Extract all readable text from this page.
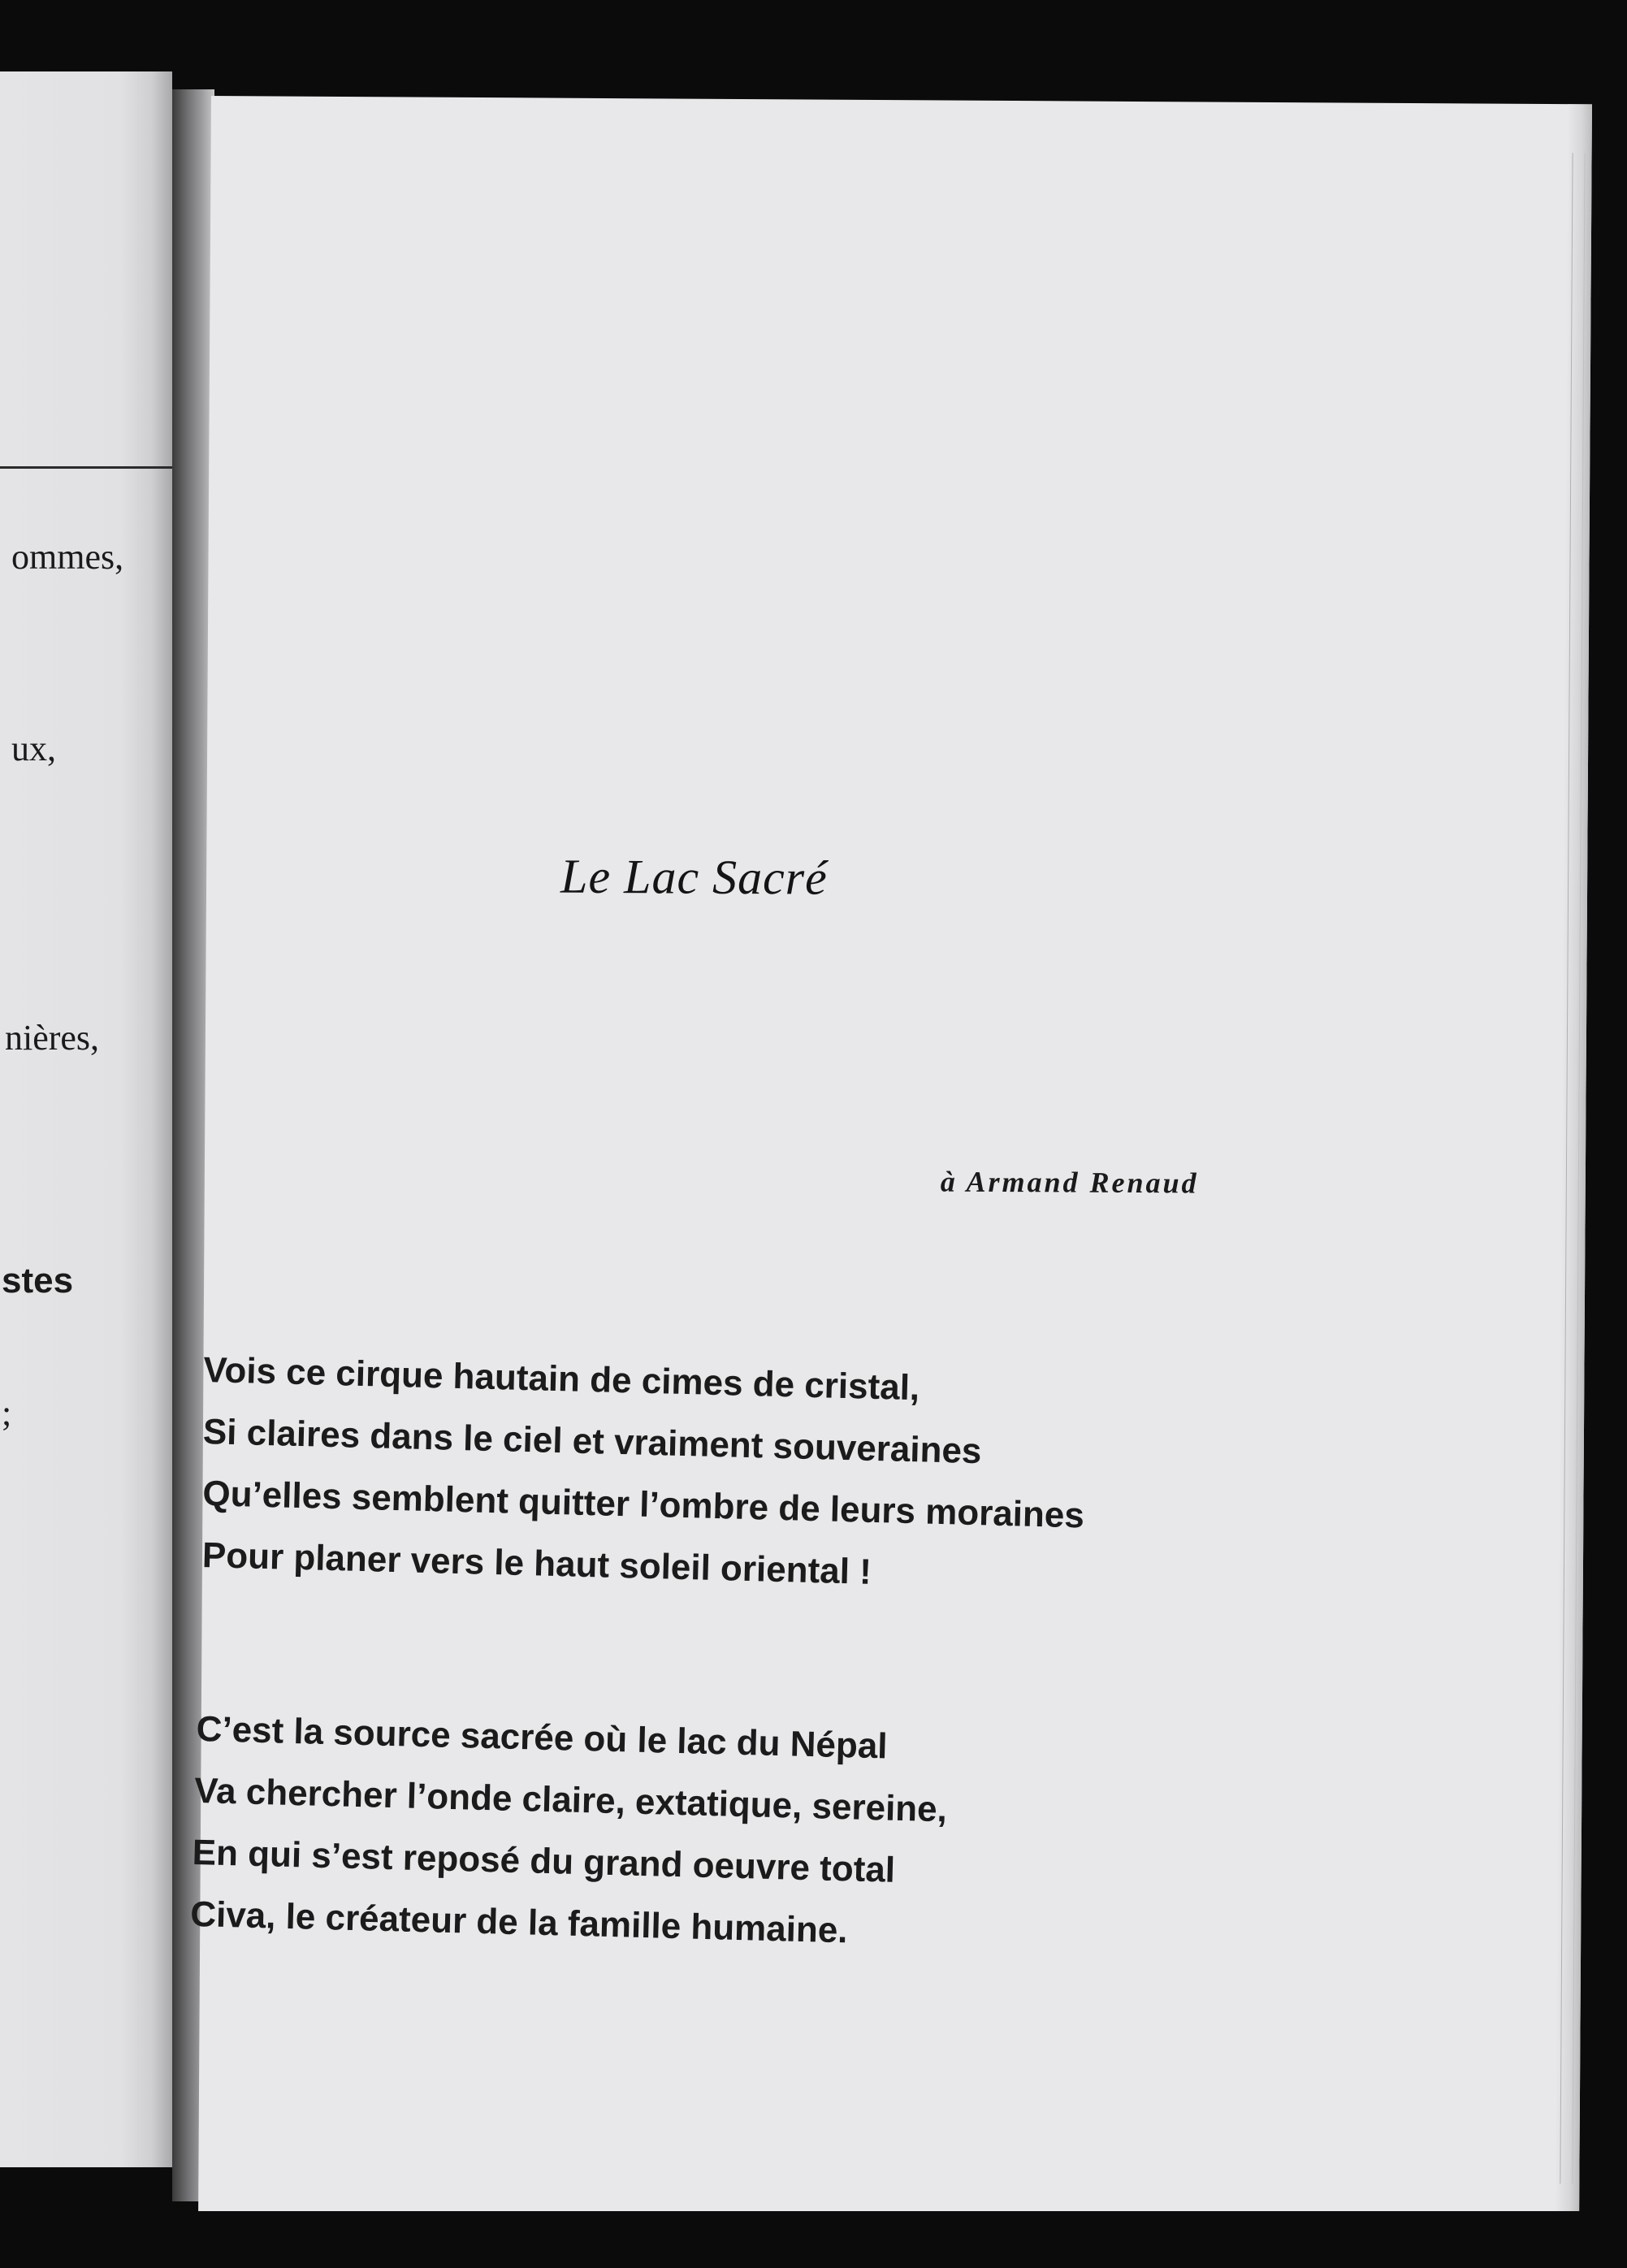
ommes,
ux,
nières,
stes
;
Le Lac Sacré
à Armand Renaud
Vois ce cirque hautain de cimes de cristal,
Si claires dans le ciel et vraiment souveraines
Qu’elles semblent quitter l’ombre de leurs moraines
Pour planer vers le haut soleil oriental !
C’est la source sacrée où le lac du Népal
Va chercher l’onde claire, extatique, sereine,
En qui s’est reposé du grand oeuvre total
Civa, le créateur de la famille humaine.
